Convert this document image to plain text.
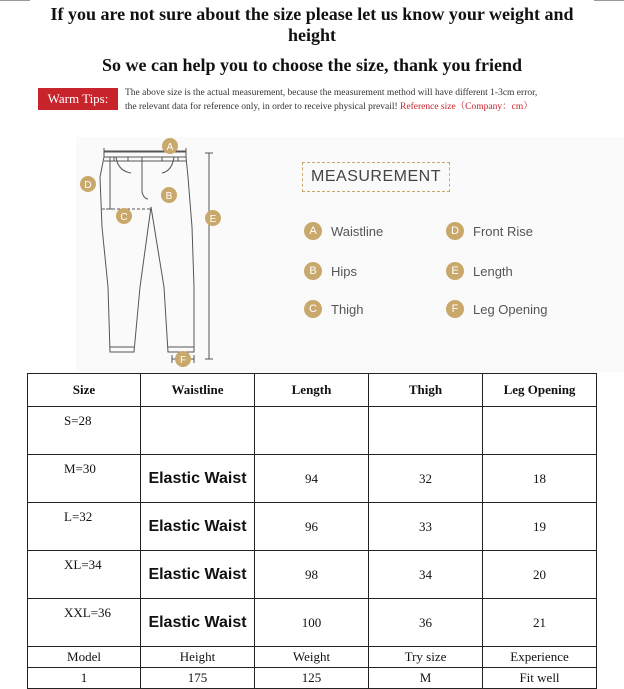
If you are not sure about the size please let us know your weight and
height
So we can help you to choose the size, thank you friend
Warm Tips:	The above size is the actual measurement, because the measurement method will have different 1-3cm error,
the relevant data for reference only, in order to receive physical prevail! Reference size（Company：cm）
A
B
C
D
E
F
MEASUREMENT
A	Waistline	D	Front Rise
B	Hips	E	Length
C	Thigh	F	Leg Opening
Size	Waistline	Length	Thigh	Leg Opening
S=28				
M=30	Elastic Waist	94	32	18
L=32	Elastic Waist	96	33	19
XL=34	Elastic Waist	98	34	20
XXL=36	Elastic Waist	100	36	21
Model	Height	Weight	Try size	Experience
1	175	125	M	Fit well
